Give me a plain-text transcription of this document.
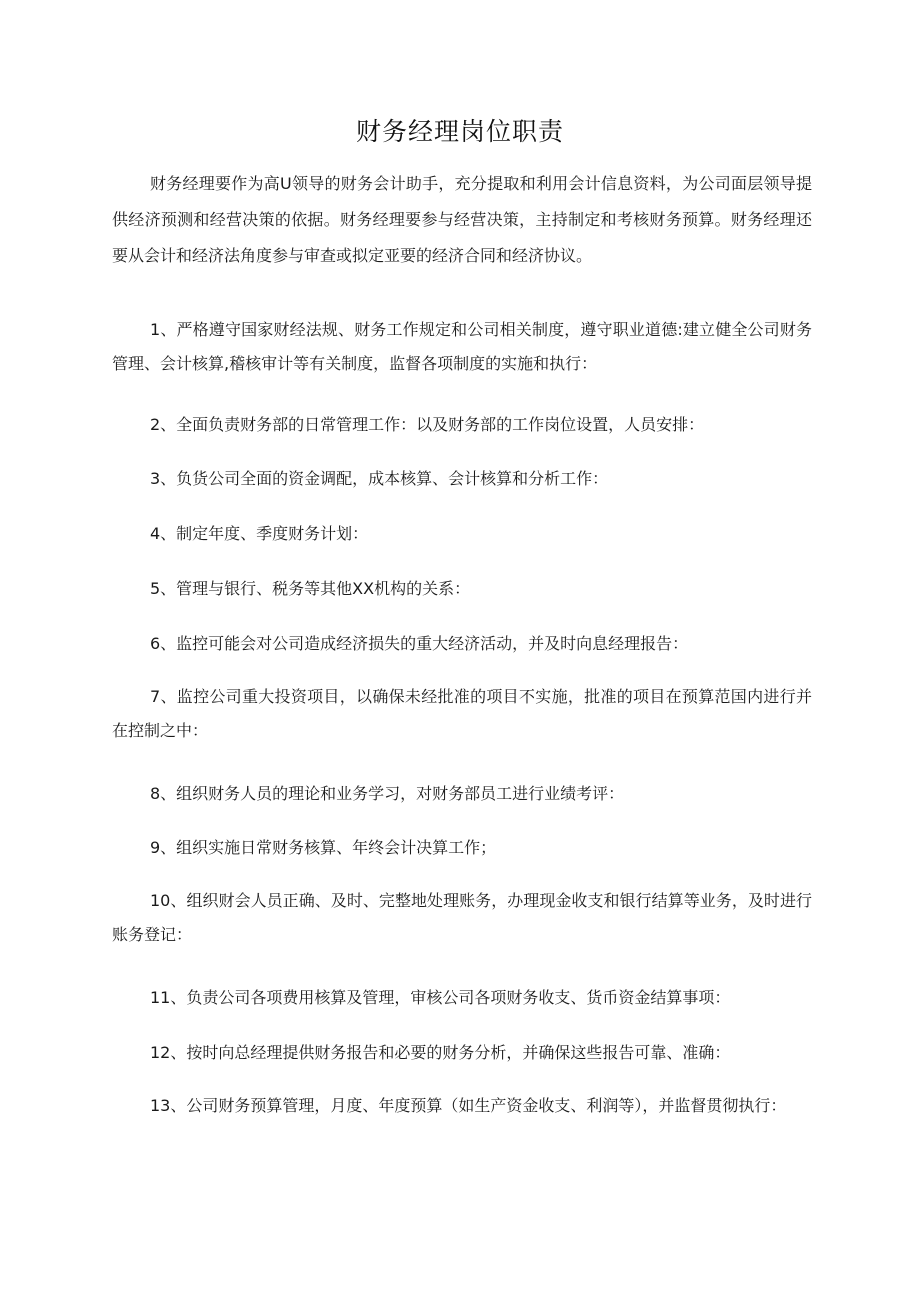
财务经理岗位职责

财务经理要作为高U领导的财务会计助手，充分提取和利用会计信息资料，为公司面层领导提供经济预测和经营决策的依据。财务经理要参与经营决策，主持制定和考核财务预算。财务经理还要从会计和经济法角度参与审查或拟定亚要的经济合同和经济协议。

1、严格遵守国家财经法规、财务工作规定和公司相关制度，遵守职业道德:建立健全公司财务管理、会计核算,稽核审计等有关制度，监督各项制度的实施和执行：

2、全面负责财务部的日常管理工作：以及财务部的工作岗位设置，人员安排：

3、负货公司全面的资金调配，成本核算、会计核算和分析工作：

4、制定年度、季度财务计划：

5、管理与银行、税务等其他XX机构的关系：

6、监控可能会对公司造成经济损失的重大经济活动，并及时向息经理报告：

7、监控公司重大投资项目，以确保未经批准的项目不实施，批准的项目在预算范国内进行并在控制之中：

8、组织财务人员的理论和业务学习，对财务部员工进行业绩考评：

9、组织实施日常财务核算、年终会计决算工作；

10、组织财会人员正确、及时、完整地处理账务，办理现金收支和银行结算等业务，及时进行账务登记：

11、负责公司各项费用核算及管理，审核公司各项财务收支、货币资金结算事项：

12、按时向总经理提供财务报告和必要的财务分析，并确保这些报告可靠、准确：

13、公司财务预算管理，月度、年度预算（如生产资金收支、利润等），并监督贯彻执行：
